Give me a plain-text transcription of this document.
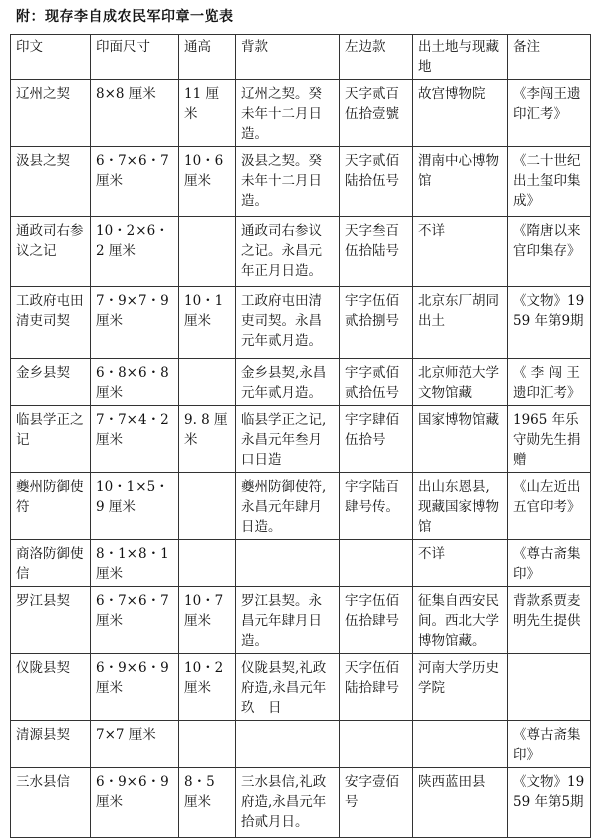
附：现存李自成农民军印章一览表
印文	印面尺寸	通高	背款	左边款	出土地与现藏地	备注
辽州之契	8×8 厘米	11 厘米	辽州之契。癸未年十二月日造。	天字贰百伍拾壹號	故宫博物院	《李闯王遗印汇考》
汲县之契	6・7×6・7 厘米	10・6 厘米	汲县之契。癸未年十二月日造。	天字贰佰陆拾伍号	渭南中心博物馆	《二十世纪出土玺印集成》
通政司右参议之记	10・2×6・2 厘米		通政司右参议之记。永昌元年正月日造。	天字叁百伍拾陆号	不详	《隋唐以来官印集存》
工政府屯田清吏司契	7・9×7・9 厘米	10・1 厘米	工政府屯田清吏司契。永昌元年贰月造。	宇字伍佰贰拾捌号	北京东厂胡同出土	《文物》1959 年第9期
金乡县契	6・8×6・8 厘米		金乡县契,永昌元年贰月造。	宇字贰佰贰拾伍号	北京师范大学文物馆藏	《 李 闯 王遗印汇考》
临县学正之记	7・7×4・2 厘米	9. 8 厘米	临县学正之记,永昌元年叁月口日造	宇字肆佰伍拾号	国家博物馆藏	1965 年乐守勋先生捐赠
夔州防御使符	10・1×5・9 厘米		夔州防御使符,永昌元年肆月日造。	宇字陆百肆号传。	出山东恩县,现藏国家博物馆	《山左近出五官印考》
商洛防御使信	8・1×8・1 厘米				不详	《尊古斋集印》
罗江县契	6・7×6・7 厘米	10・7 厘米	罗江县契。永昌元年肆月日造。	宇字伍佰伍拾肆号	征集自西安民间。西北大学博物馆藏。	背款系贾麦明先生提供
仪陇县契	6・9×6・9 厘米	10・2 厘米	仪陇县契,礼政府造,永昌元年玖　日	天字伍佰陆拾肆号	河南大学历史学院	
清源县契	7×7 厘米					《尊古斋集印》
三水县信	6・9×6・9 厘米	8・5 厘米	三水县信,礼政府造,永昌元年拾贰月日。	安字壹佰号	陕西蓝田县	《文物》1959 年第5期
